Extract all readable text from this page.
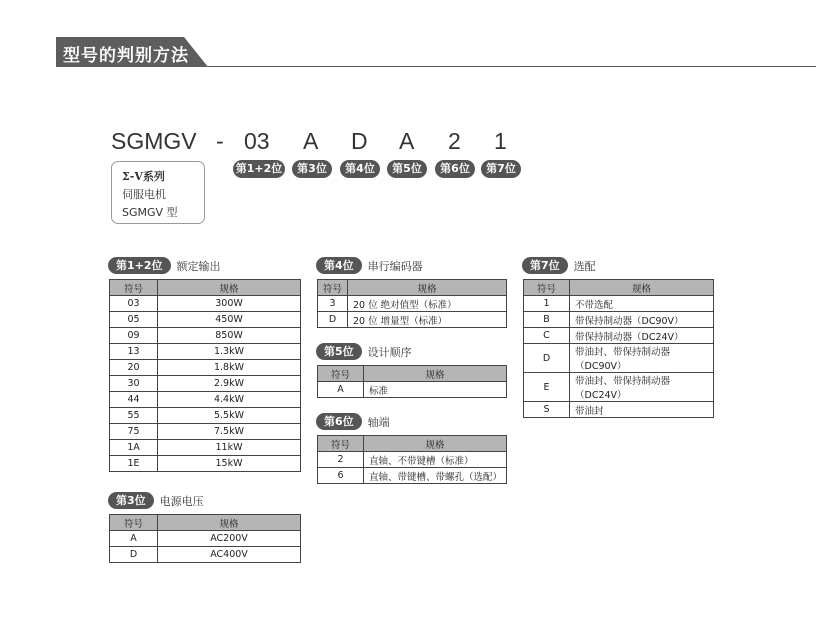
型号的判别方法
SGMGV - 03 A D A 2 1
第1+2位	第3位	第4位	第5位	第6位	第7位
Σ-V系列
伺服电机
SGMGV 型
第1+2位	额定输出
符号	规格
03	300W
05	450W
09	850W
13	1.3kW
20	1.8kW
30	2.9kW
44	4.4kW
55	5.5kW
75	7.5kW
1A	11kW
1E	15kW
第3位	电源电压
符号	规格
A	AC200V
D	AC400V
第4位	串行编码器
符号	规格
3	20 位 绝对值型（标准）
D	20 位 增量型（标准）
第5位	设计顺序
符号	规格
A	标准
第6位	轴端
符号	规格
2	直轴、不带键槽（标准）
6	直轴、带键槽、带螺孔（选配）
第7位	选配
符号	规格
1	不带选配
B	带保持制动器（DC90V）
C	带保持制动器（DC24V）
D	带油封、带保持制动器（DC90V）
E	带油封、带保持制动器（DC24V）
S	带油封
